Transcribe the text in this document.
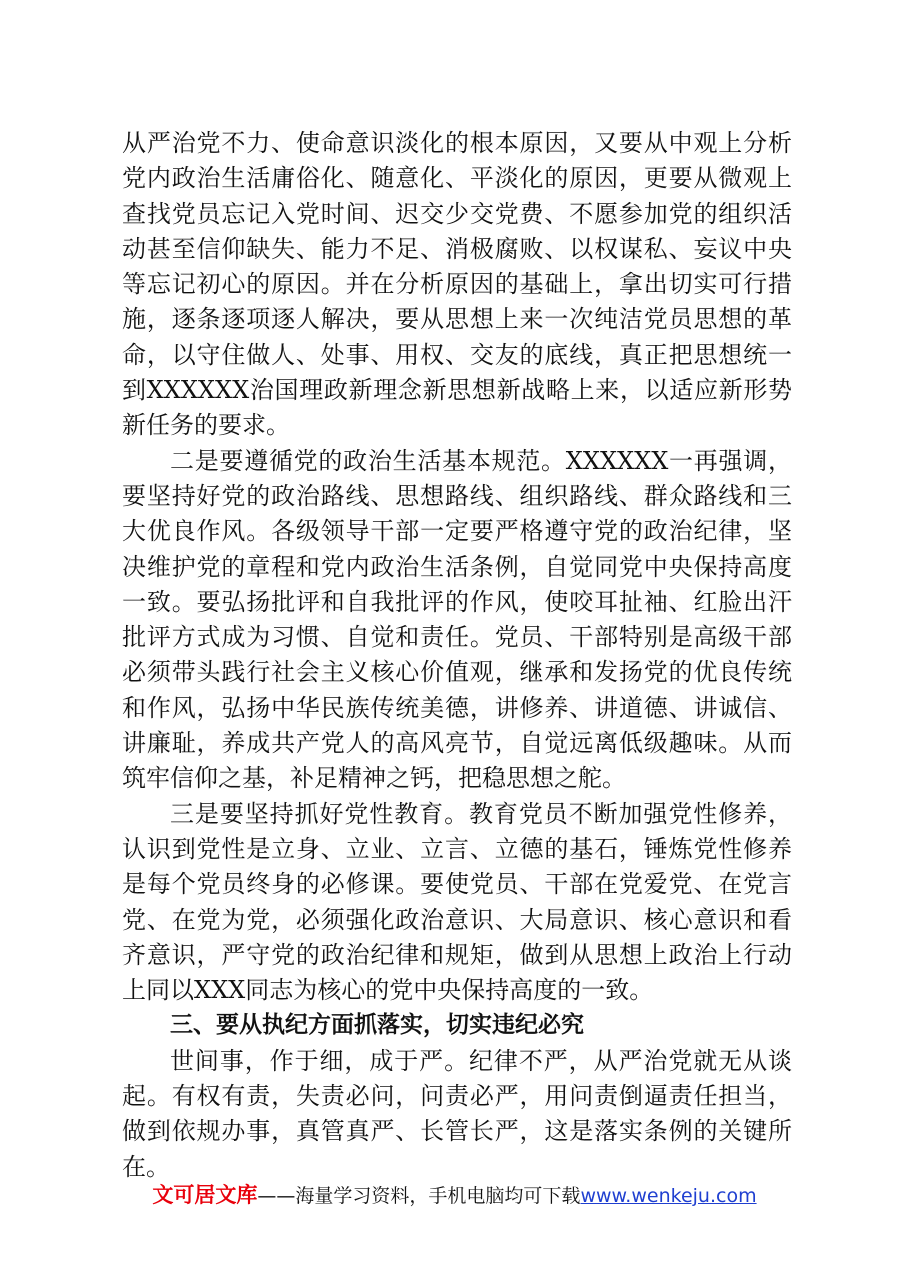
从严治党不力、使命意识淡化的根本原因，又要从中观上分析党内政治生活庸俗化、随意化、平淡化的原因，更要从微观上查找党员忘记入党时间、迟交少交党费、不愿参加党的组织活动甚至信仰缺失、能力不足、消极腐败、以权谋私、妄议中央等忘记初心的原因。并在分析原因的基础上，拿出切实可行措施，逐条逐项逐人解决，要从思想上来一次纯洁党员思想的革命，以守住做人、处事、用权、交友的底线，真正把思想统一到XXXXXX治国理政新理念新思想新战略上来，以适应新形势新任务的要求。

二是要遵循党的政治生活基本规范。XXXXXX一再强调，要坚持好党的政治路线、思想路线、组织路线、群众路线和三大优良作风。各级领导干部一定要严格遵守党的政治纪律，坚决维护党的章程和党内政治生活条例，自觉同党中央保持高度一致。要弘扬批评和自我批评的作风，使咬耳扯袖、红脸出汗批评方式成为习惯、自觉和责任。党员、干部特别是高级干部必须带头践行社会主义核心价值观，继承和发扬党的优良传统和作风，弘扬中华民族传统美德，讲修养、讲道德、讲诚信、讲廉耻，养成共产党人的高风亮节，自觉远离低级趣味。从而筑牢信仰之基，补足精神之钙，把稳思想之舵。

三是要坚持抓好党性教育。教育党员不断加强党性修养，认识到党性是立身、立业、立言、立德的基石，锤炼党性修养是每个党员终身的必修课。要使党员、干部在党爱党、在党言党、在党为党，必须强化政治意识、大局意识、核心意识和看齐意识，严守党的政治纪律和规矩，做到从思想上政治上行动上同以XXX同志为核心的党中央保持高度的一致。

三、要从执纪方面抓落实，切实违纪必究

世间事，作于细，成于严。纪律不严，从严治党就无从谈起。有权有责，失责必问，问责必严，用问责倒逼责任担当，做到依规办事，真管真严、长管长严，这是落实条例的关键所在。

文可居文库——海量学习资料，手机电脑均可下载www.wenkeju.com
